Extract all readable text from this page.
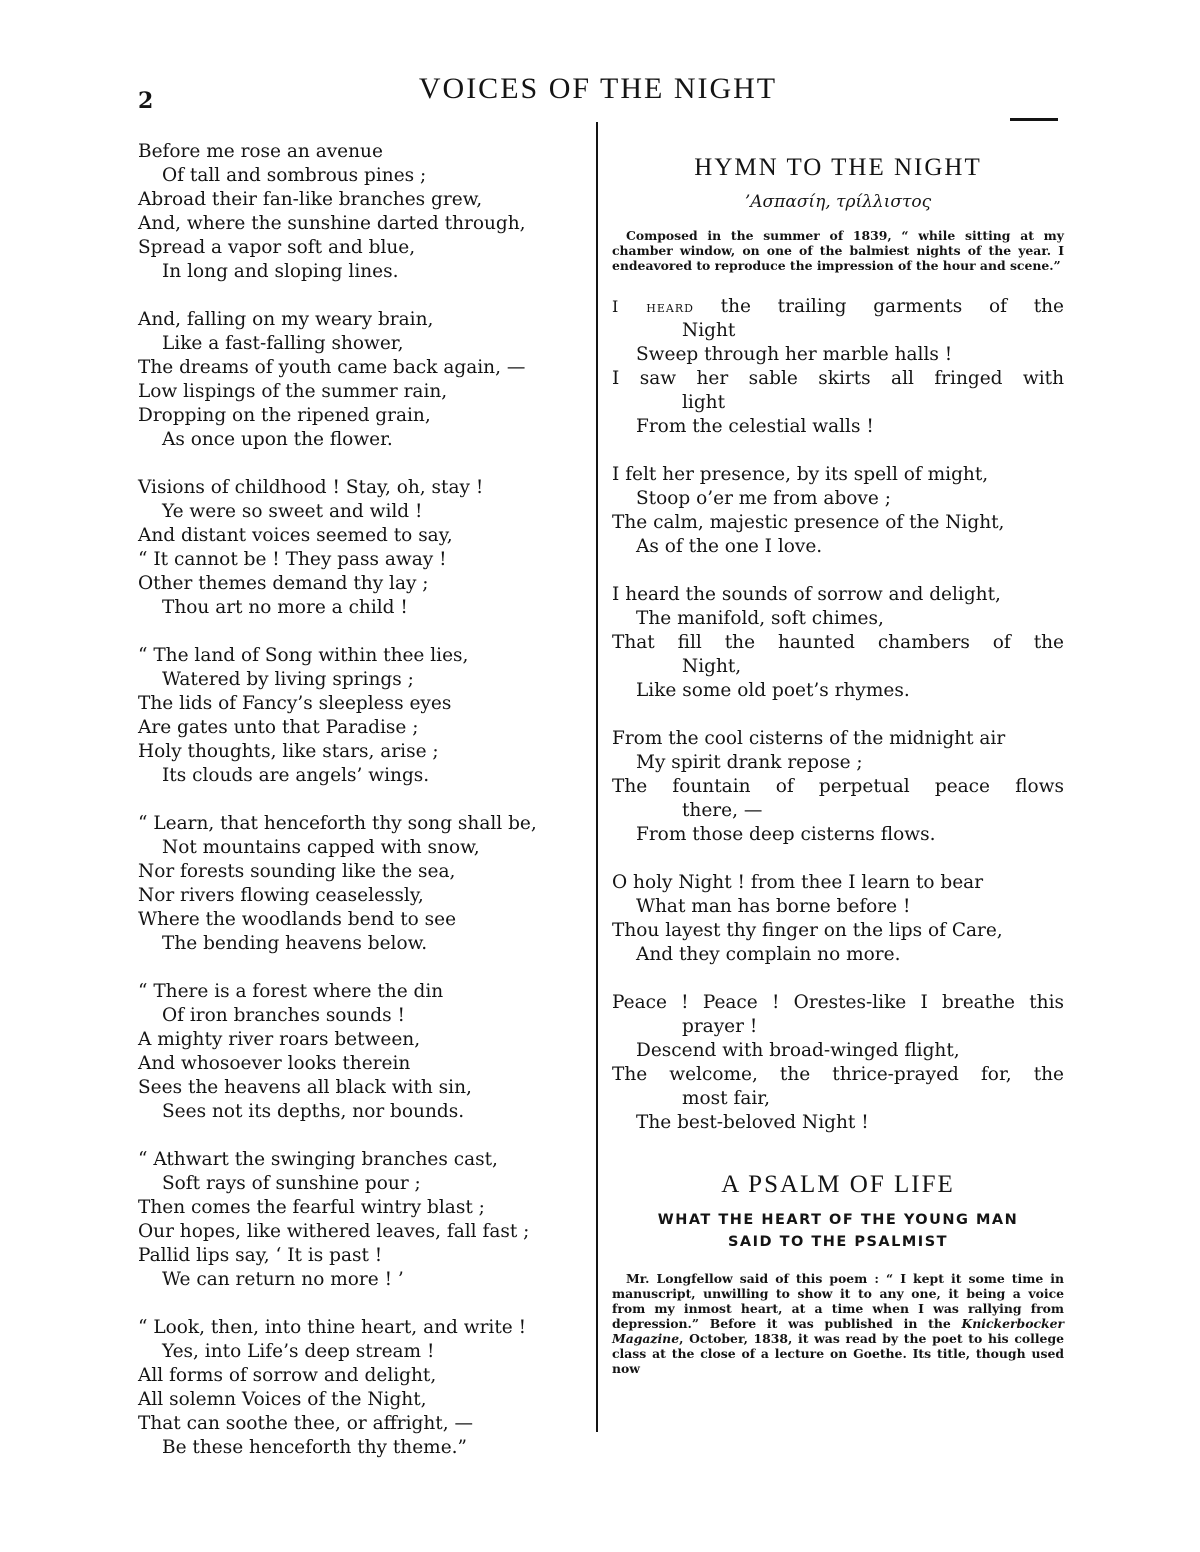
2	VOICES OF THE NIGHT
Before me rose an avenue
Of tall and sombrous pines ;
Abroad their fan-like branches grew,
And, where the sunshine darted through,
Spread a vapor soft and blue,
In long and sloping lines.
And, falling on my weary brain,
Like a fast-falling shower,
The dreams of youth came back again, —
Low lispings of the summer rain,
Dropping on the ripened grain,
As once upon the flower.
Visions of childhood ! Stay, oh, stay !
Ye were so sweet and wild !
And distant voices seemed to say,
“ It cannot be ! They pass away !
Other themes demand thy lay ;
Thou art no more a child !
“ The land of Song within thee lies,
Watered by living springs ;
The lids of Fancy’s sleepless eyes
Are gates unto that Paradise ;
Holy thoughts, like stars, arise ;
Its clouds are angels’ wings.
“ Learn, that henceforth thy song shall be,
Not mountains capped with snow,
Nor forests sounding like the sea,
Nor rivers flowing ceaselessly,
Where the woodlands bend to see
The bending heavens below.
“ There is a forest where the din
Of iron branches sounds !
A mighty river roars between,
And whosoever looks therein
Sees the heavens all black with sin,
Sees not its depths, nor bounds.
“ Athwart the swinging branches cast,
Soft rays of sunshine pour ;
Then comes the fearful wintry blast ;
Our hopes, like withered leaves, fall fast ;
Pallid lips say, ‘ It is past !
We can return no more ! ’
“ Look, then, into thine heart, and write !
Yes, into Life’s deep stream !
All forms of sorrow and delight,
All solemn Voices of the Night,
That can soothe thee, or affright, —
Be these henceforth thy theme.”
HYMN TO THE NIGHT
’Ασπασίη, τρίλλιστος
Composed in the summer of 1839, “ while sitting at my chamber window, on one of the balmiest nights of the year. I endeavored to reproduce the impression of the hour and scene.”
I heard the trailing garments of the
Night
Sweep through her marble halls !
I saw her sable skirts all fringed with
light
From the celestial walls !
I felt her presence, by its spell of might,
Stoop o’er me from above ;
The calm, majestic presence of the Night,
As of the one I love.
I heard the sounds of sorrow and delight,
The manifold, soft chimes,
That fill the haunted chambers of the
Night,
Like some old poet’s rhymes.
From the cool cisterns of the midnight air
My spirit drank repose ;
The fountain of perpetual peace flows
there, —
From those deep cisterns flows.
O holy Night ! from thee I learn to bear
What man has borne before !
Thou layest thy finger on the lips of Care,
And they complain no more.
Peace ! Peace ! Orestes-like I breathe this
prayer !
Descend with broad-winged flight,
The welcome, the thrice-prayed for, the
most fair,
The best-beloved Night !
A PSALM OF LIFE
WHAT THE HEART OF THE YOUNG MAN
SAID TO THE PSALMIST
Mr. Longfellow said of this poem : “ I kept it some time in manuscript, unwilling to show it to any one, it being a voice from my inmost heart, at a time when I was rallying from depression.” Before it was published in the Knickerbocker Magazine, October, 1838, it was read by the poet to his college class at the close of a lecture on Goethe. Its title, though used now
